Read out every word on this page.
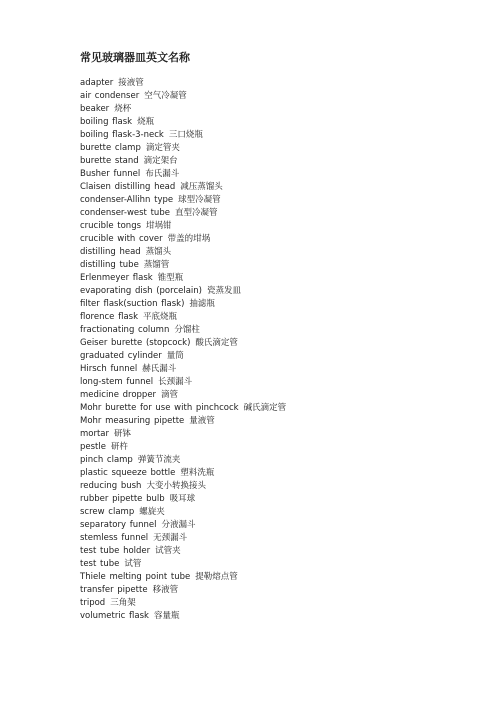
常见玻璃器皿英文名称
adapter 接液管
air condenser 空气冷凝管
beaker 烧杯
boiling flask 烧瓶
boiling flask-3-neck 三口烧瓶
burette clamp 滴定管夹
burette stand 滴定架台
Busher funnel 布氏漏斗
Claisen distilling head 减压蒸馏头
condenser-Allihn type 球型冷凝管
condenser-west tube 直型冷凝管
crucible tongs 坩埚钳
crucible with cover 带盖的坩埚
distilling head 蒸馏头
distilling tube 蒸馏管
Erlenmeyer flask 锥型瓶
evaporating dish (porcelain) 瓷蒸发皿
filter flask(suction flask) 抽滤瓶
florence flask 平底烧瓶
fractionating column 分馏柱
Geiser burette (stopcock) 酸氏滴定管
graduated cylinder 量筒
Hirsch funnel 赫氏漏斗
long-stem funnel 长颈漏斗
medicine dropper 滴管
Mohr burette for use with pinchcock 碱氏滴定管
Mohr measuring pipette 量液管
mortar 研钵
pestle 研杵
pinch clamp 弹簧节流夹
plastic squeeze bottle 塑料洗瓶
reducing bush 大变小转换接头
rubber pipette bulb 吸耳球
screw clamp 螺旋夹
separatory funnel 分液漏斗
stemless funnel 无颈漏斗
test tube holder 试管夹
test tube 试管
Thiele melting point tube 提勒熔点管
transfer pipette 移液管
tripod 三角架
volumetric flask 容量瓶
